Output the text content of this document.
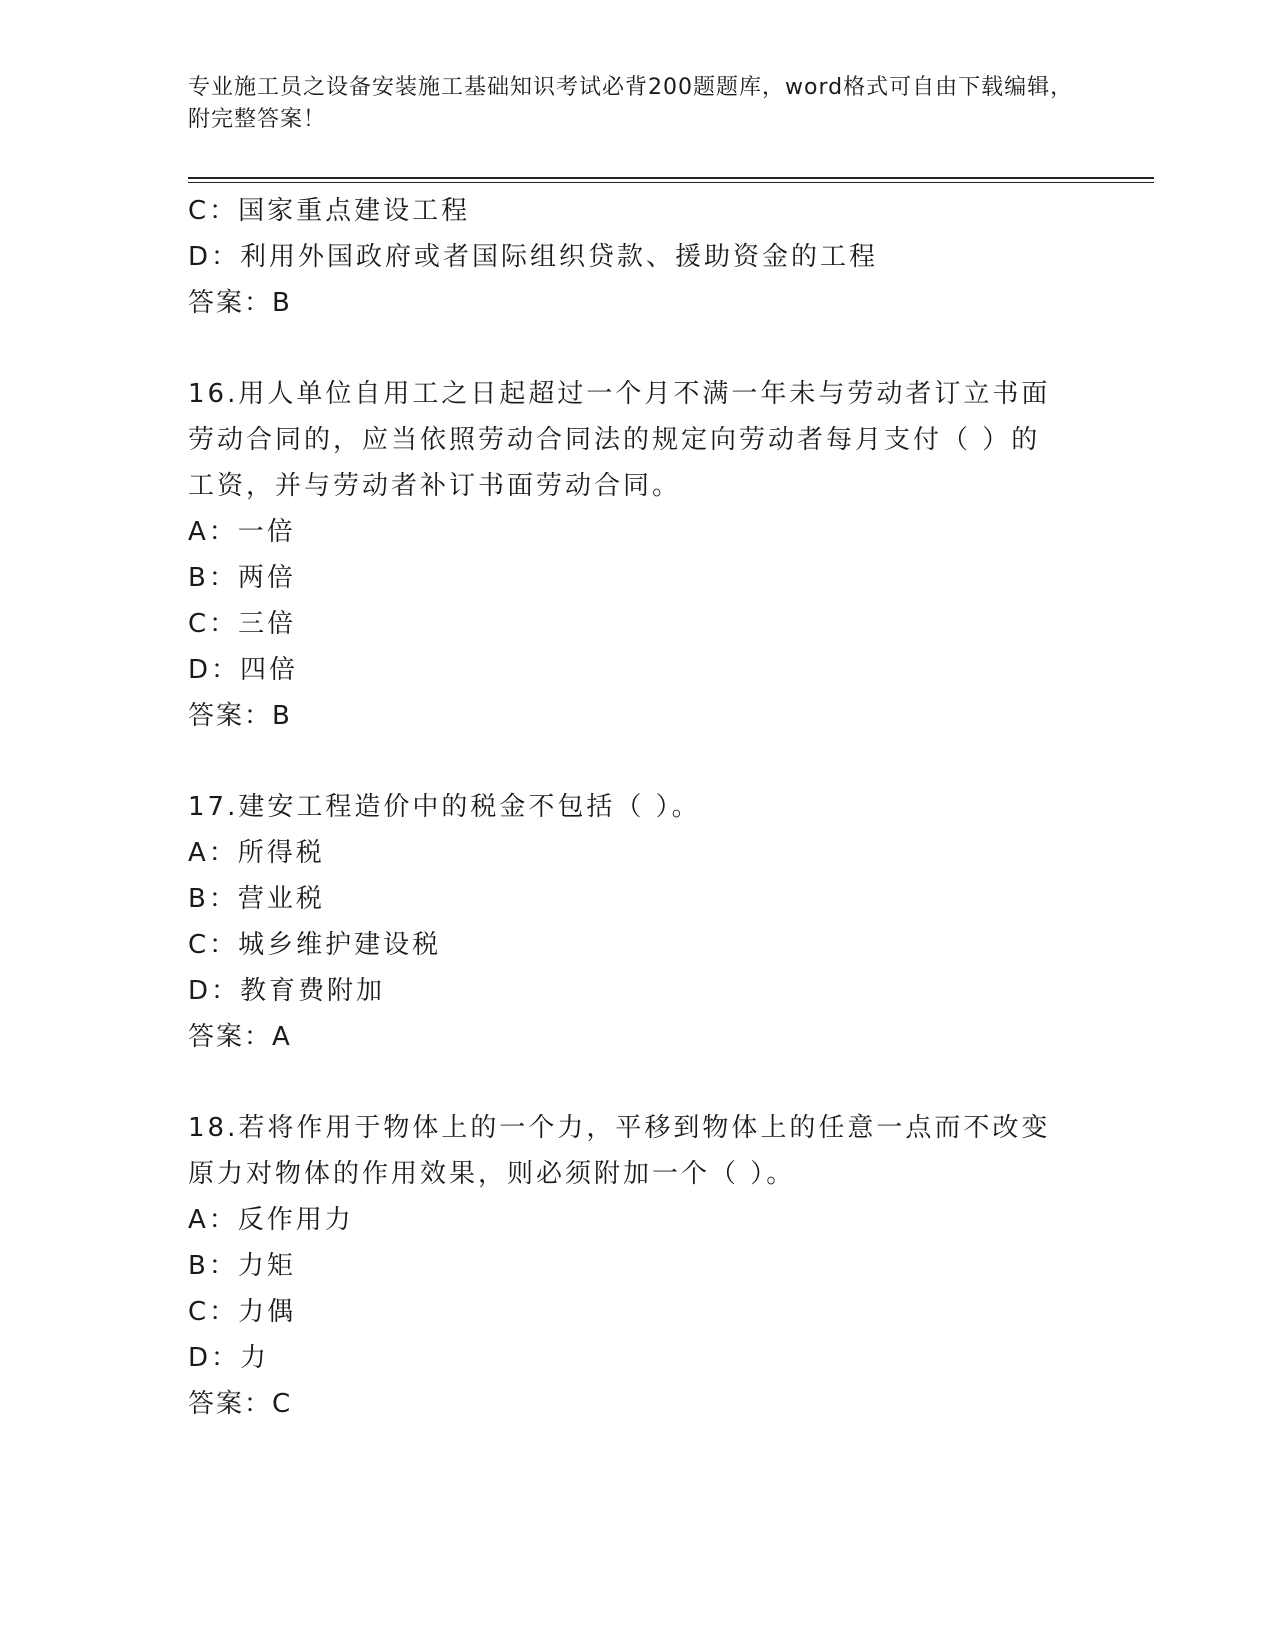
专业施工员之设备安装施工基础知识考试必背200题题库，word格式可自由下载编辑，附完整答案！
C：国家重点建设工程
D：利用外国政府或者国际组织贷款、援助资金的工程
答案：B
16.用人单位自用工之日起超过一个月不满一年未与劳动者订立书面劳动合同的，应当依照劳动合同法的规定向劳动者每月支付（ ）的工资，并与劳动者补订书面劳动合同。
A：一倍
B：两倍
C：三倍
D：四倍
答案：B
17.建安工程造价中的税金不包括（ ）。
A：所得税
B：营业税
C：城乡维护建设税
D：教育费附加
答案：A
18.若将作用于物体上的一个力，平移到物体上的任意一点而不改变原力对物体的作用效果，则必须附加一个（ ）。
A：反作用力
B：力矩
C：力偶
D：力
答案：C
